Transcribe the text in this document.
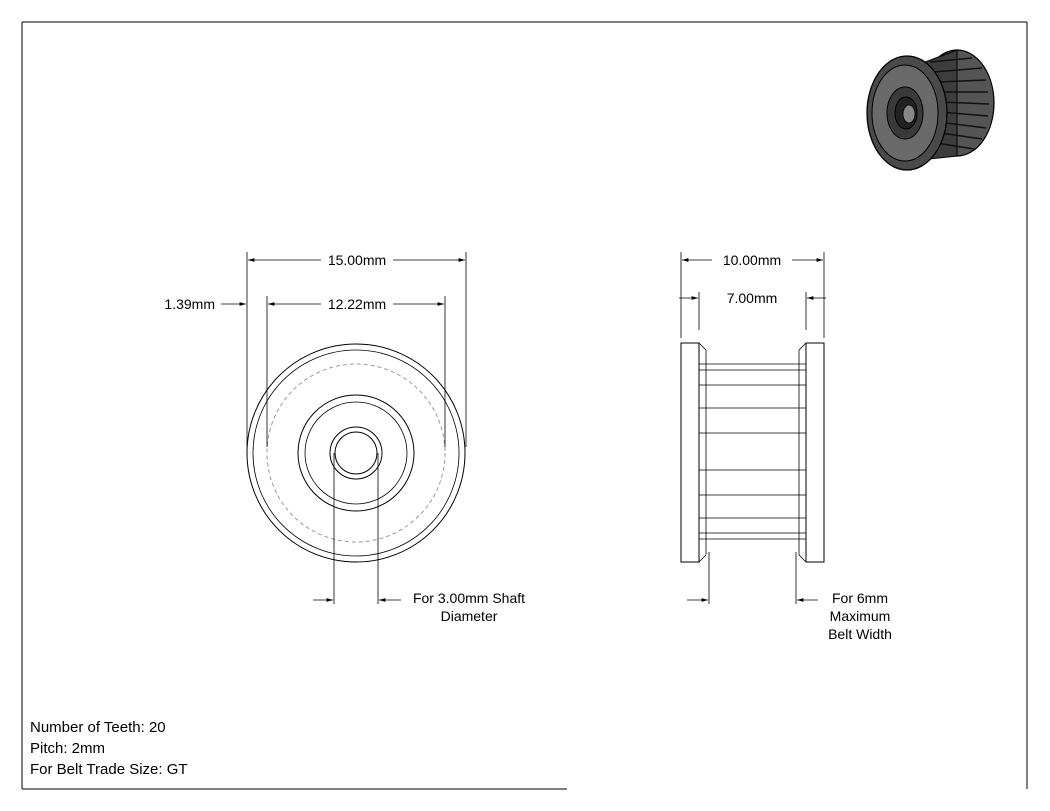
15.00mm
12.22mm
1.39mm
For 3.00mm Shaft
Diameter
10.00mm
7.00mm
For 6mm
Maximum
Belt Width
Number of Teeth: 20
Pitch: 2mm
For Belt Trade Size: GT
